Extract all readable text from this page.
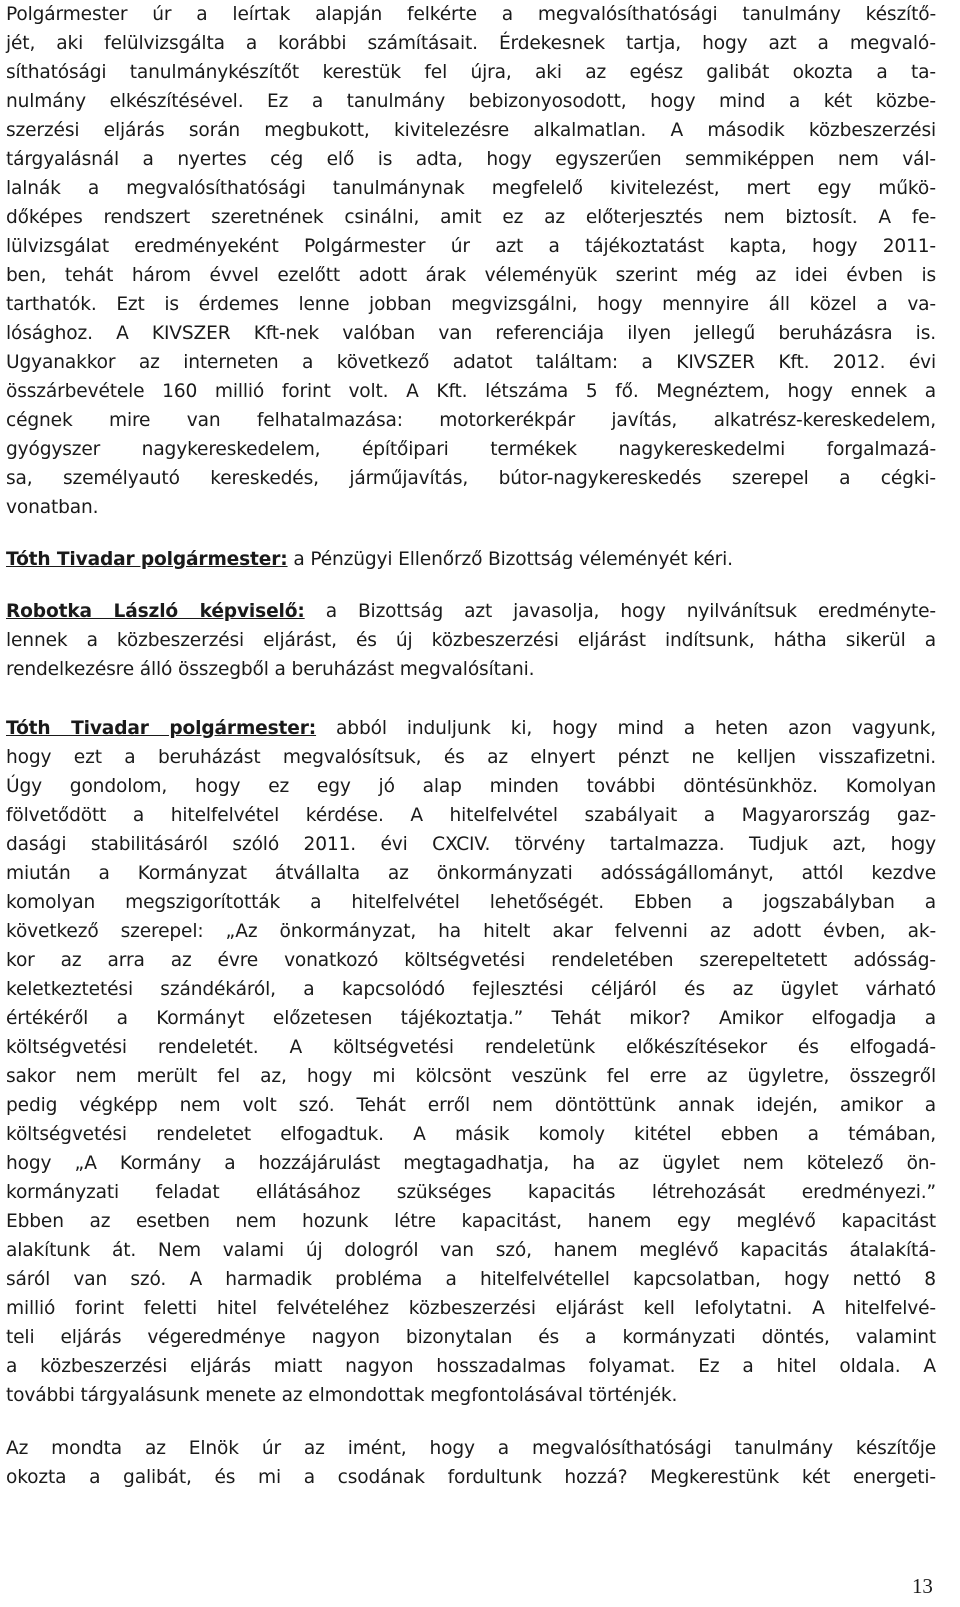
Polgármester úr a leírtak alapján felkérte a megvalósíthatósági tanulmány készítő-
jét, aki felülvizsgálta a korábbi számításait. Érdekesnek tartja, hogy azt a megvaló-
síthatósági tanulmánykészítőt kerestük fel újra, aki az egész galibát okozta a ta-
nulmány elkészítésével. Ez a tanulmány bebizonyosodott, hogy mind a két közbe-
szerzési eljárás során megbukott, kivitelezésre alkalmatlan. A második közbeszerzési
tárgyalásnál a nyertes cég elő is adta, hogy egyszerűen semmiképpen nem vál-
lalnák a megvalósíthatósági tanulmánynak megfelelő kivitelezést, mert egy műkö-
dőképes rendszert szeretnének csinálni, amit ez az előterjesztés nem biztosít. A fe-
lülvizsgálat eredményeként Polgármester úr azt a tájékoztatást kapta, hogy 2011-
ben, tehát három évvel ezelőtt adott árak véleményük szerint még az idei évben is
tarthatók. Ezt is érdemes lenne jobban megvizsgálni, hogy mennyire áll közel a va-
lósághoz. A KIVSZER Kft-nek valóban van referenciája ilyen jellegű beruházásra is.
Ugyanakkor az interneten a következő adatot találtam: a KIVSZER Kft. 2012. évi
összárbevétele 160 millió forint volt. A Kft. létszáma 5 fő. Megnéztem, hogy ennek a
cégnek mire van felhatalmazása: motorkerékpár javítás, alkatrész-kereskedelem,
gyógyszer nagykereskedelem, építőipari termékek nagykereskedelmi forgalmazá-
sa, személyautó kereskedés, járműjavítás, bútor-nagykereskedés szerepel a cégki-
vonatban.
Tóth Tivadar polgármester: a Pénzügyi Ellenőrző Bizottság véleményét kéri.
Robotka László képviselő: a Bizottság azt javasolja, hogy nyilvánítsuk eredményte-
lennek a közbeszerzési eljárást, és új közbeszerzési eljárást indítsunk, hátha sikerül a
rendelkezésre álló összegből a beruházást megvalósítani.
Tóth Tivadar polgármester: abból induljunk ki, hogy mind a heten azon vagyunk,
hogy ezt a beruházást megvalósítsuk, és az elnyert pénzt ne kelljen visszafizetni.
Úgy gondolom, hogy ez egy jó alap minden további döntésünkhöz. Komolyan
fölvetődött a hitelfelvétel kérdése. A hitelfelvétel szabályait a Magyarország gaz-
dasági stabilitásáról szóló 2011. évi CXCIV. törvény tartalmazza. Tudjuk azt, hogy
miután a Kormányzat átvállalta az önkormányzati adósságállományt, attól kezdve
komolyan megszigorították a hitelfelvétel lehetőségét. Ebben a jogszabályban a
következő szerepel: „Az önkormányzat, ha hitelt akar felvenni az adott évben, ak-
kor az arra az évre vonatkozó költségvetési rendeletében szerepeltetett adósság-
keletkeztetési szándékáról, a kapcsolódó fejlesztési céljáról és az ügylet várható
értékéről a Kormányt előzetesen tájékoztatja.” Tehát mikor? Amikor elfogadja a
költségvetési rendeletét. A költségvetési rendeletünk előkészítésekor és elfogadá-
sakor nem merült fel az, hogy mi kölcsönt veszünk fel erre az ügyletre, összegről
pedig végképp nem volt szó. Tehát erről nem döntöttünk annak idején, amikor a
költségvetési rendeletet elfogadtuk. A másik komoly kitétel ebben a témában,
hogy „A Kormány a hozzájárulást megtagadhatja, ha az ügylet nem kötelező ön-
kormányzati feladat ellátásához szükséges kapacitás létrehozását eredményezi.”
Ebben az esetben nem hozunk létre kapacitást, hanem egy meglévő kapacitást
alakítunk át. Nem valami új dologról van szó, hanem meglévő kapacitás átalakítá-
sáról van szó. A harmadik probléma a hitelfelvétellel kapcsolatban, hogy nettó 8
millió forint feletti hitel felvételéhez közbeszerzési eljárást kell lefolytatni. A hitelfelvé-
teli eljárás végeredménye nagyon bizonytalan és a kormányzati döntés, valamint
a közbeszerzési eljárás miatt nagyon hosszadalmas folyamat. Ez a hitel oldala. A
további tárgyalásunk menete az elmondottak megfontolásával történjék.
Az mondta az Elnök úr az imént, hogy a megvalósíthatósági tanulmány készítője
okozta a galibát, és mi a csodának fordultunk hozzá? Megkerestünk két energeti-
13
